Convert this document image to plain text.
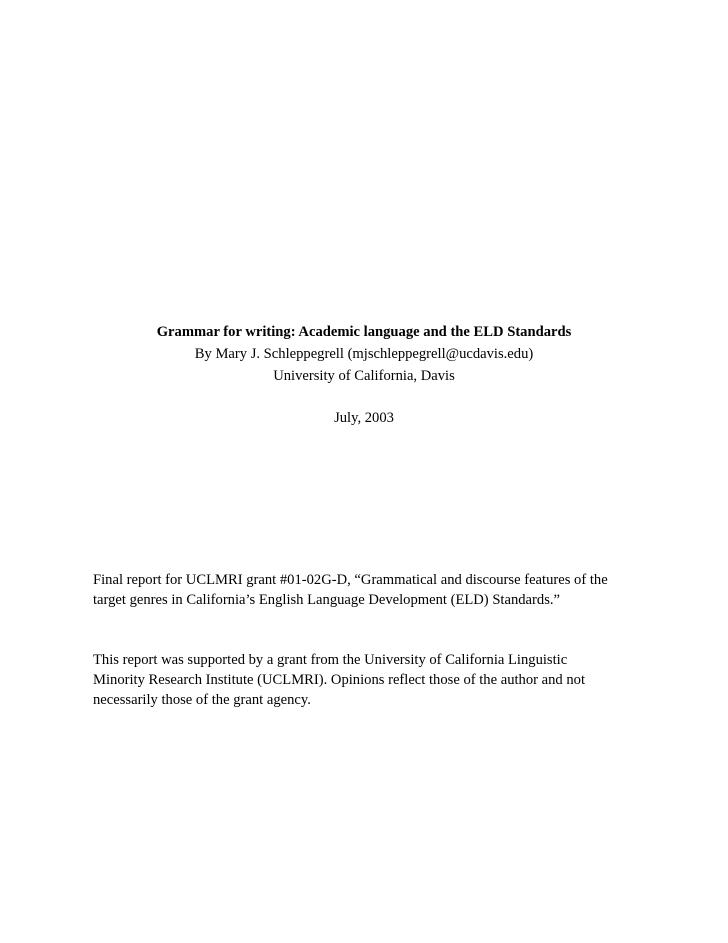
Grammar for writing: Academic language and the ELD Standards
By Mary J. Schleppegrell (mjschleppegrell@ucdavis.edu)
University of California, Davis
July, 2003

Final report for UCLMRI grant #01-02G-D, “Grammatical and discourse features of the
target genres in California’s English Language Development (ELD) Standards.”

This report was supported by a grant from the University of California Linguistic
Minority Research Institute (UCLMRI). Opinions reflect those of the author and not
necessarily those of the grant agency.
